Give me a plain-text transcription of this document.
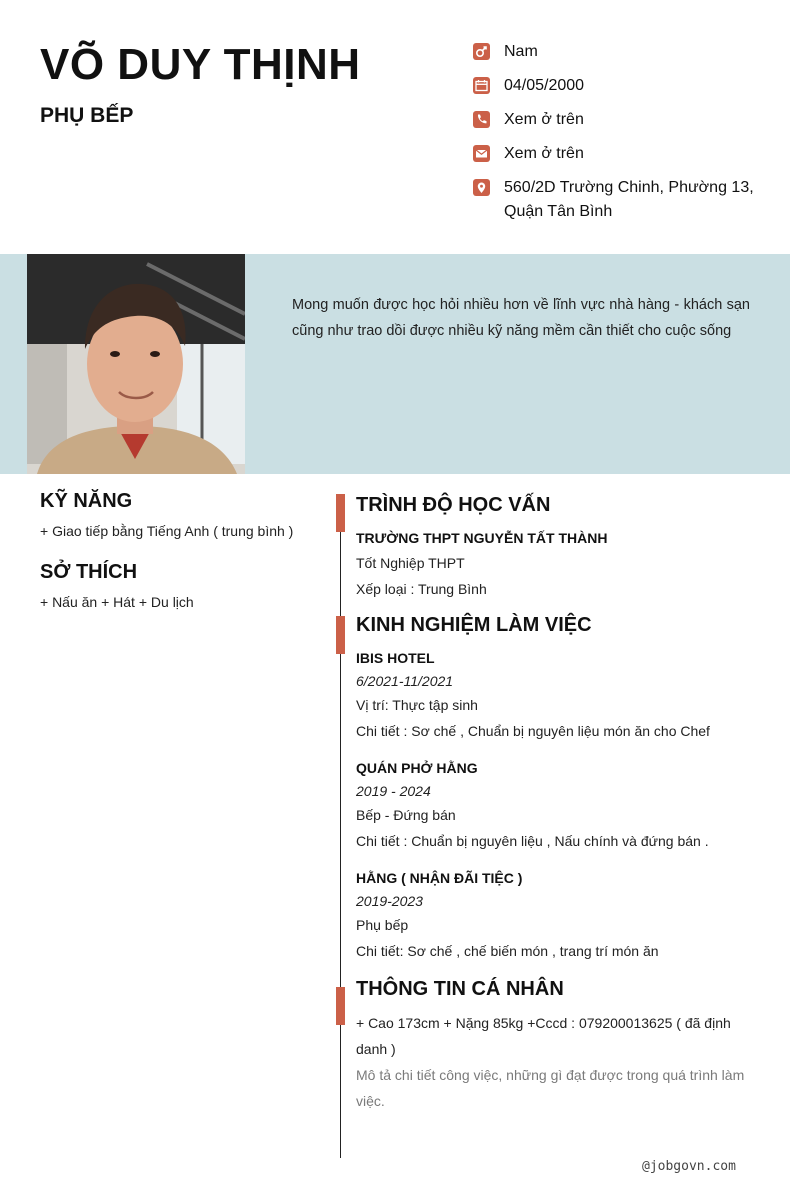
VÕ DUY THỊNH
PHỤ BẾP
Nam
04/05/2000
Xem ở trên
Xem ở trên
560/2D Trường Chinh, Phường 13,
Quận Tân Bình

Mong muốn được học hỏi nhiều hơn về lĩnh vực nhà hàng - khách sạn cũng như trao dồi được nhiều kỹ năng mềm cần thiết cho cuộc sống

KỸ NĂNG

+ Giao tiếp bằng Tiếng Anh ( trung bình )

SỞ THÍCH

+ Nấu ăn + Hát + Du lịch

TRÌNH ĐỘ HỌC VẤN

TRƯỜNG THPT NGUYỄN TẤT THÀNH

Tốt Nghiệp THPT

Xếp loại : Trung Bình

KINH NGHIỆM LÀM VIỆC

IBIS HOTEL

6/2021-11/2021

Vị trí: Thực tập sinh

Chi tiết : Sơ chế , Chuẩn bị nguyên liệu món ăn cho Chef

QUÁN PHỞ HẰNG

2019 - 2024

Bếp - Đứng bán

Chi tiết : Chuẩn bị nguyên liệu , Nấu chính và đứng bán .

HẰNG ( NHẬN ĐÃI TIỆC )

2019-2023

Phụ bếp

Chi tiết: Sơ chế , chế biến món , trang trí món ăn

THÔNG TIN CÁ NHÂN

+ Cao 173cm + Nặng 85kg +Cccd : 079200013625 ( đã định danh )

Mô tả chi tiết công việc, những gì đạt được trong quá trình làm việc.

@jobgovn.com
